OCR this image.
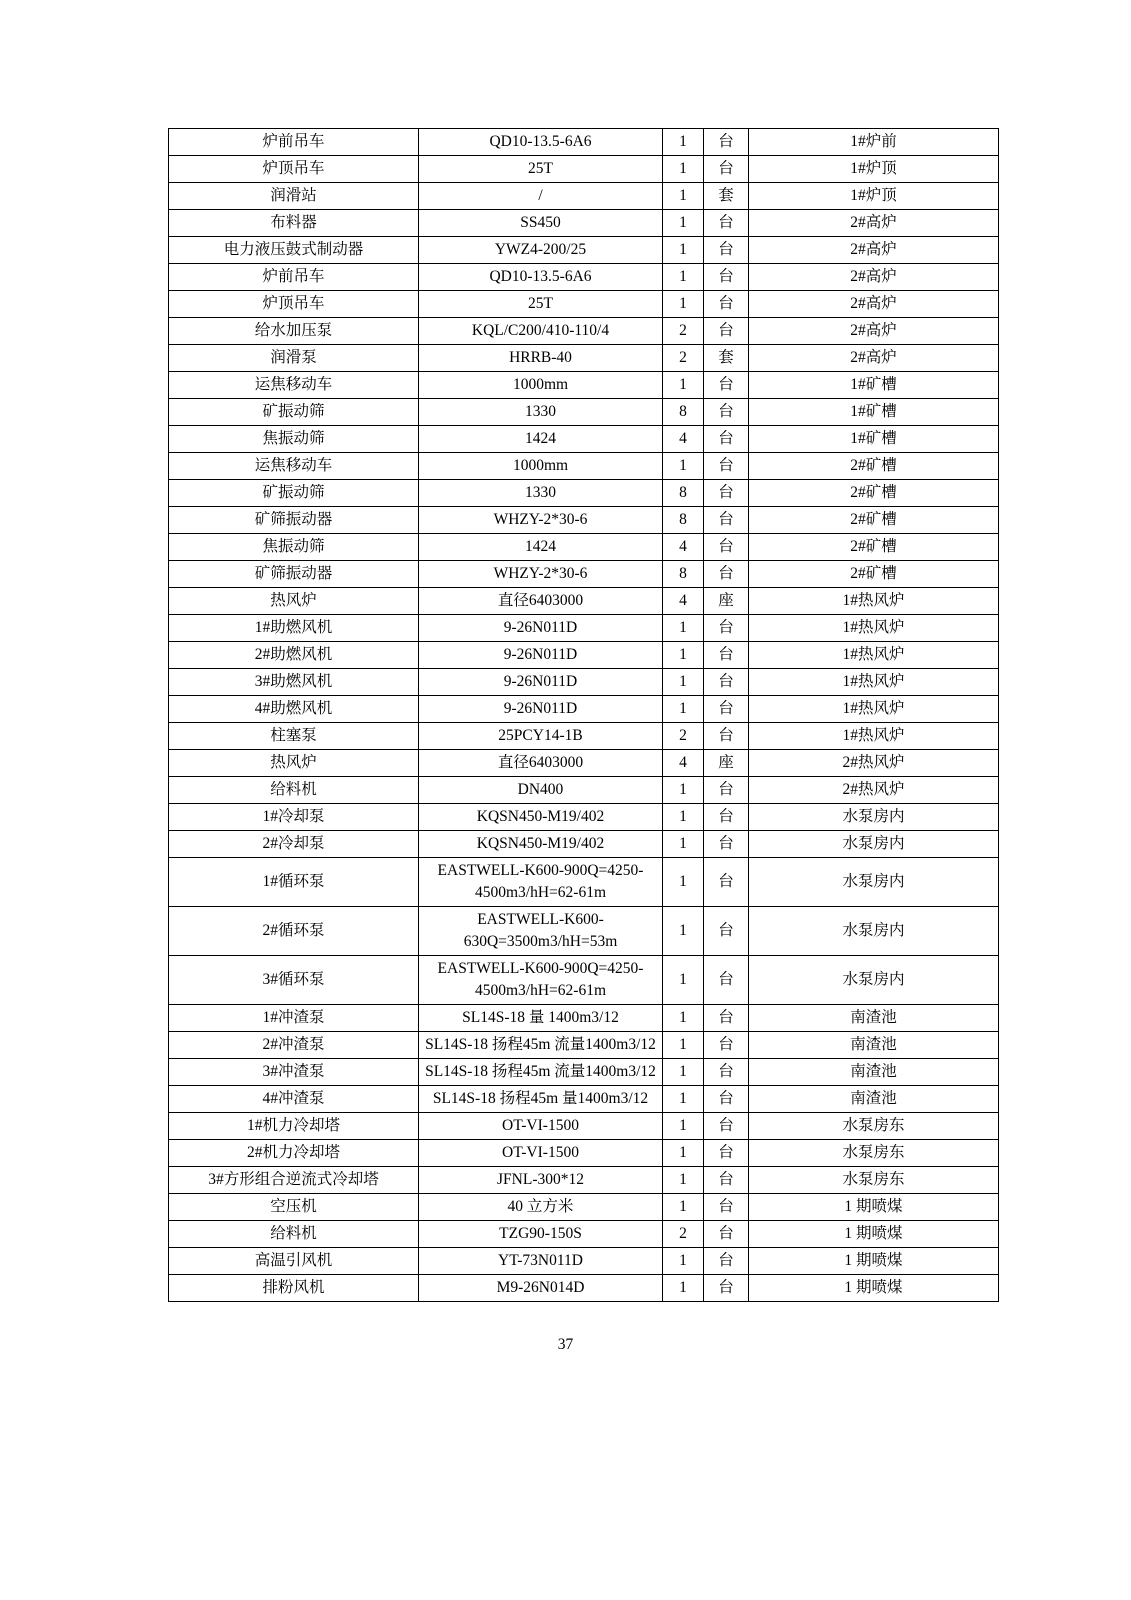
炉前吊车	QD10-13.5-6A6	1	台	1#炉前
炉顶吊车	25T	1	台	1#炉顶
润滑站	/	1	套	1#炉顶
布料器	SS450	1	台	2#高炉
电力液压鼓式制动器	YWZ4-200/25	1	台	2#高炉
炉前吊车	QD10-13.5-6A6	1	台	2#高炉
炉顶吊车	25T	1	台	2#高炉
给水加压泵	KQL/C200/410-110/4	2	台	2#高炉
润滑泵	HRRB-40	2	套	2#高炉
运焦移动车	1000mm	1	台	1#矿槽
矿振动筛	1330	8	台	1#矿槽
焦振动筛	1424	4	台	1#矿槽
运焦移动车	1000mm	1	台	2#矿槽
矿振动筛	1330	8	台	2#矿槽
矿筛振动器	WHZY-2*30-6	8	台	2#矿槽
焦振动筛	1424	4	台	2#矿槽
矿筛振动器	WHZY-2*30-6	8	台	2#矿槽
热风炉	直径6403000	4	座	1#热风炉
1#助燃风机	9-26N011D	1	台	1#热风炉
2#助燃风机	9-26N011D	1	台	1#热风炉
3#助燃风机	9-26N011D	1	台	1#热风炉
4#助燃风机	9-26N011D	1	台	1#热风炉
柱塞泵	25PCY14-1B	2	台	1#热风炉
热风炉	直径6403000	4	座	2#热风炉
给料机	DN400	1	台	2#热风炉
1#冷却泵	KQSN450-M19/402	1	台	水泵房内
2#冷却泵	KQSN450-M19/402	1	台	水泵房内
1#循环泵	EASTWELL-K600-900Q=4250-4500m3/hH=62-61m	1	台	水泵房内
2#循环泵	EASTWELL-K600-630Q=3500m3/hH=53m	1	台	水泵房内
3#循环泵	EASTWELL-K600-900Q=4250-4500m3/hH=62-61m	1	台	水泵房内
1#冲渣泵	SL14S-18 量 1400m3/12	1	台	南渣池
2#冲渣泵	SL14S-18 扬程45m 流量1400m3/12	1	台	南渣池
3#冲渣泵	SL14S-18 扬程45m 流量1400m3/12	1	台	南渣池
4#冲渣泵	SL14S-18 扬程45m 量1400m3/12	1	台	南渣池
1#机力冷却塔	OT-VI-1500	1	台	水泵房东
2#机力冷却塔	OT-VI-1500	1	台	水泵房东
3#方形组合逆流式冷却塔	JFNL-300*12	1	台	水泵房东
空压机	40 立方米	1	台	1 期喷煤
给料机	TZG90-150S	2	台	1 期喷煤
高温引风机	YT-73N011D	1	台	1 期喷煤
排粉风机	M9-26N014D	1	台	1 期喷煤
37
